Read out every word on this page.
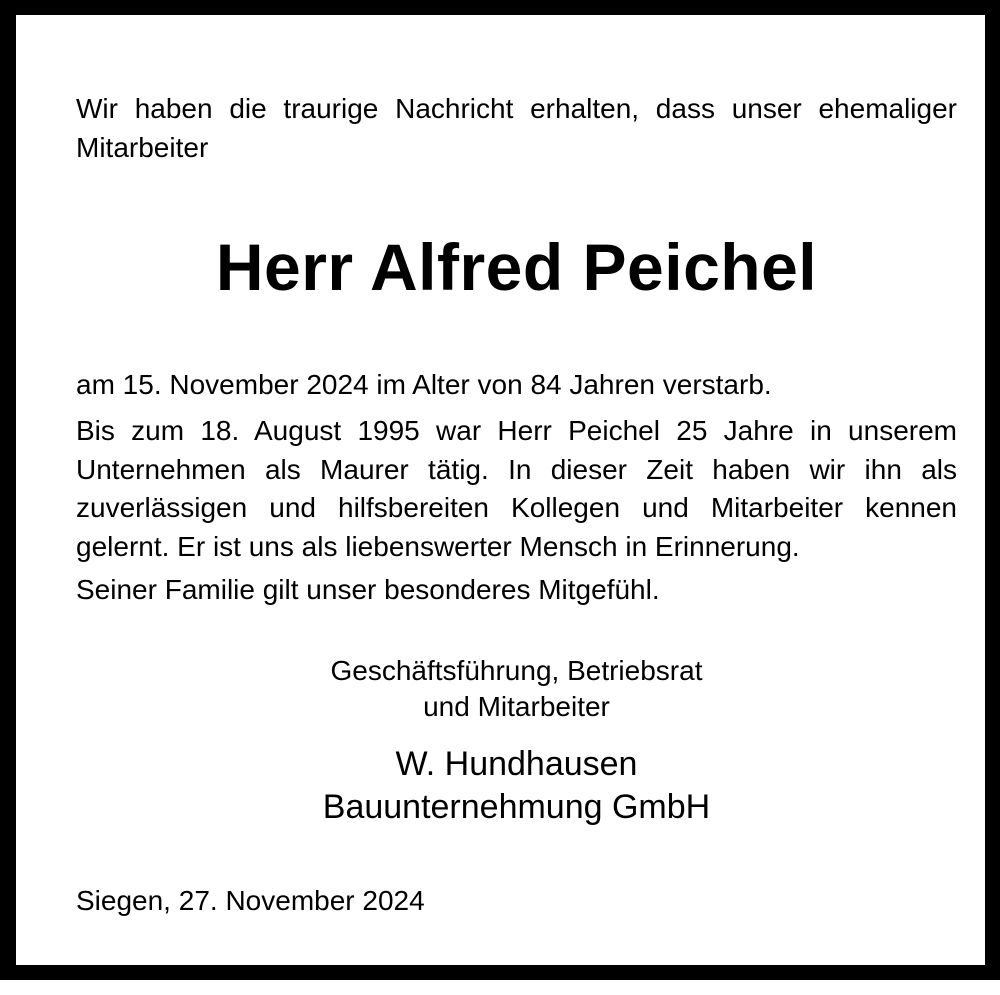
Wir haben die traurige Nachricht erhalten, dass unser ehemaliger Mitarbeiter

Herr Alfred Peichel

am 15. November 2024 im Alter von 84 Jahren verstarb.

Bis zum 18. August 1995 war Herr Peichel 25 Jahre in unserem Unternehmen als Maurer tätig. In dieser Zeit haben wir ihn als zuverlässigen und hilfsbereiten Kollegen und Mitarbeiter kennen gelernt. Er ist uns als liebenswerter Mensch in Erinnerung.

Seiner Familie gilt unser besonderes Mitgefühl.

Geschäftsführung, Betriebsrat
und Mitarbeiter
W. Hundhausen
Bauunternehmung GmbH

Siegen, 27. November 2024
